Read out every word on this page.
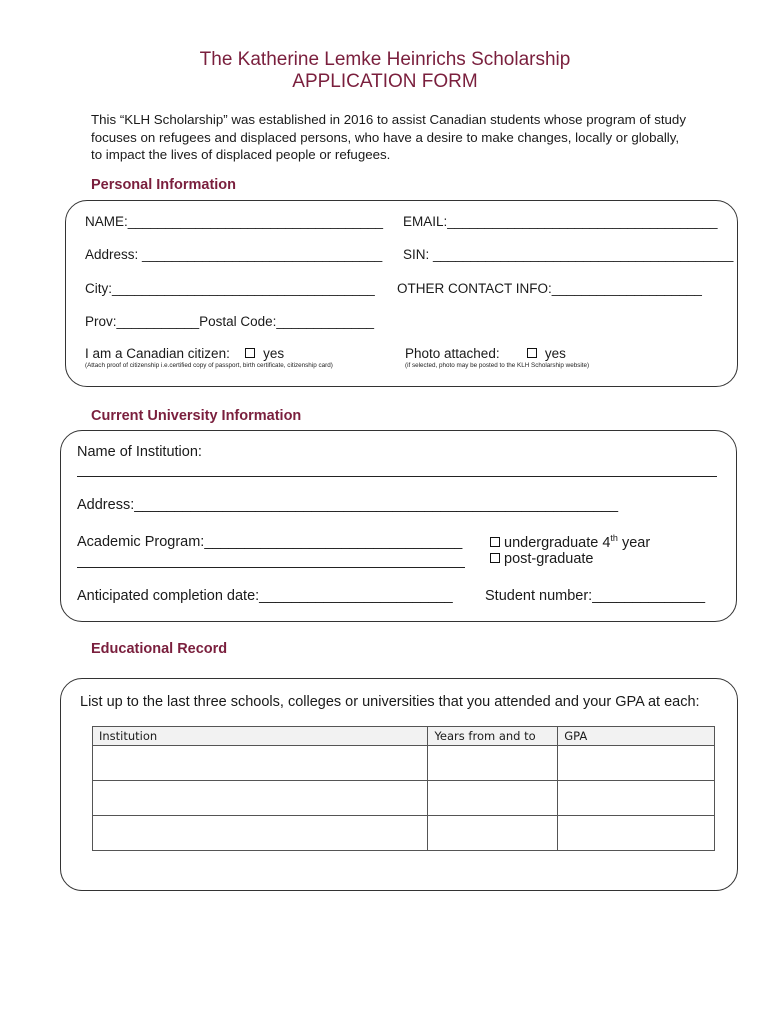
The Katherine Lemke Heinrichs Scholarship
APPLICATION FORM
This “KLH Scholarship” was established in 2016 to assist Canadian students whose program of study focuses on refugees and displaced persons, who have a desire to make changes, locally or globally, to impact the lives of displaced people or refugees.
Personal Information
NAME:__________________________________ EMAIL:____________________________________
Address: ________________________________ SIN: ________________________________________
City:___________________________________ OTHER CONTACT INFO:____________________
Prov:___________Postal Code:_____________
I am a Canadian citizen: yes
(Attach proof of citizenship i.e.certified copy of passport, birth certificate, citizenship card)
Photo attached:	yes
(if selected, photo may be posted to the KLH Scholarship website)
Current University Information
Name of Institution:
Address:____________________________________________________________
Academic Program:________________________________	undergraduate 4th year
post-graduate
Anticipated completion date:________________________ Student number:______________
Educational Record
List up to the last three schools, colleges or universities that you attended and your GPA at each:
Institution	Years from and to	GPA
